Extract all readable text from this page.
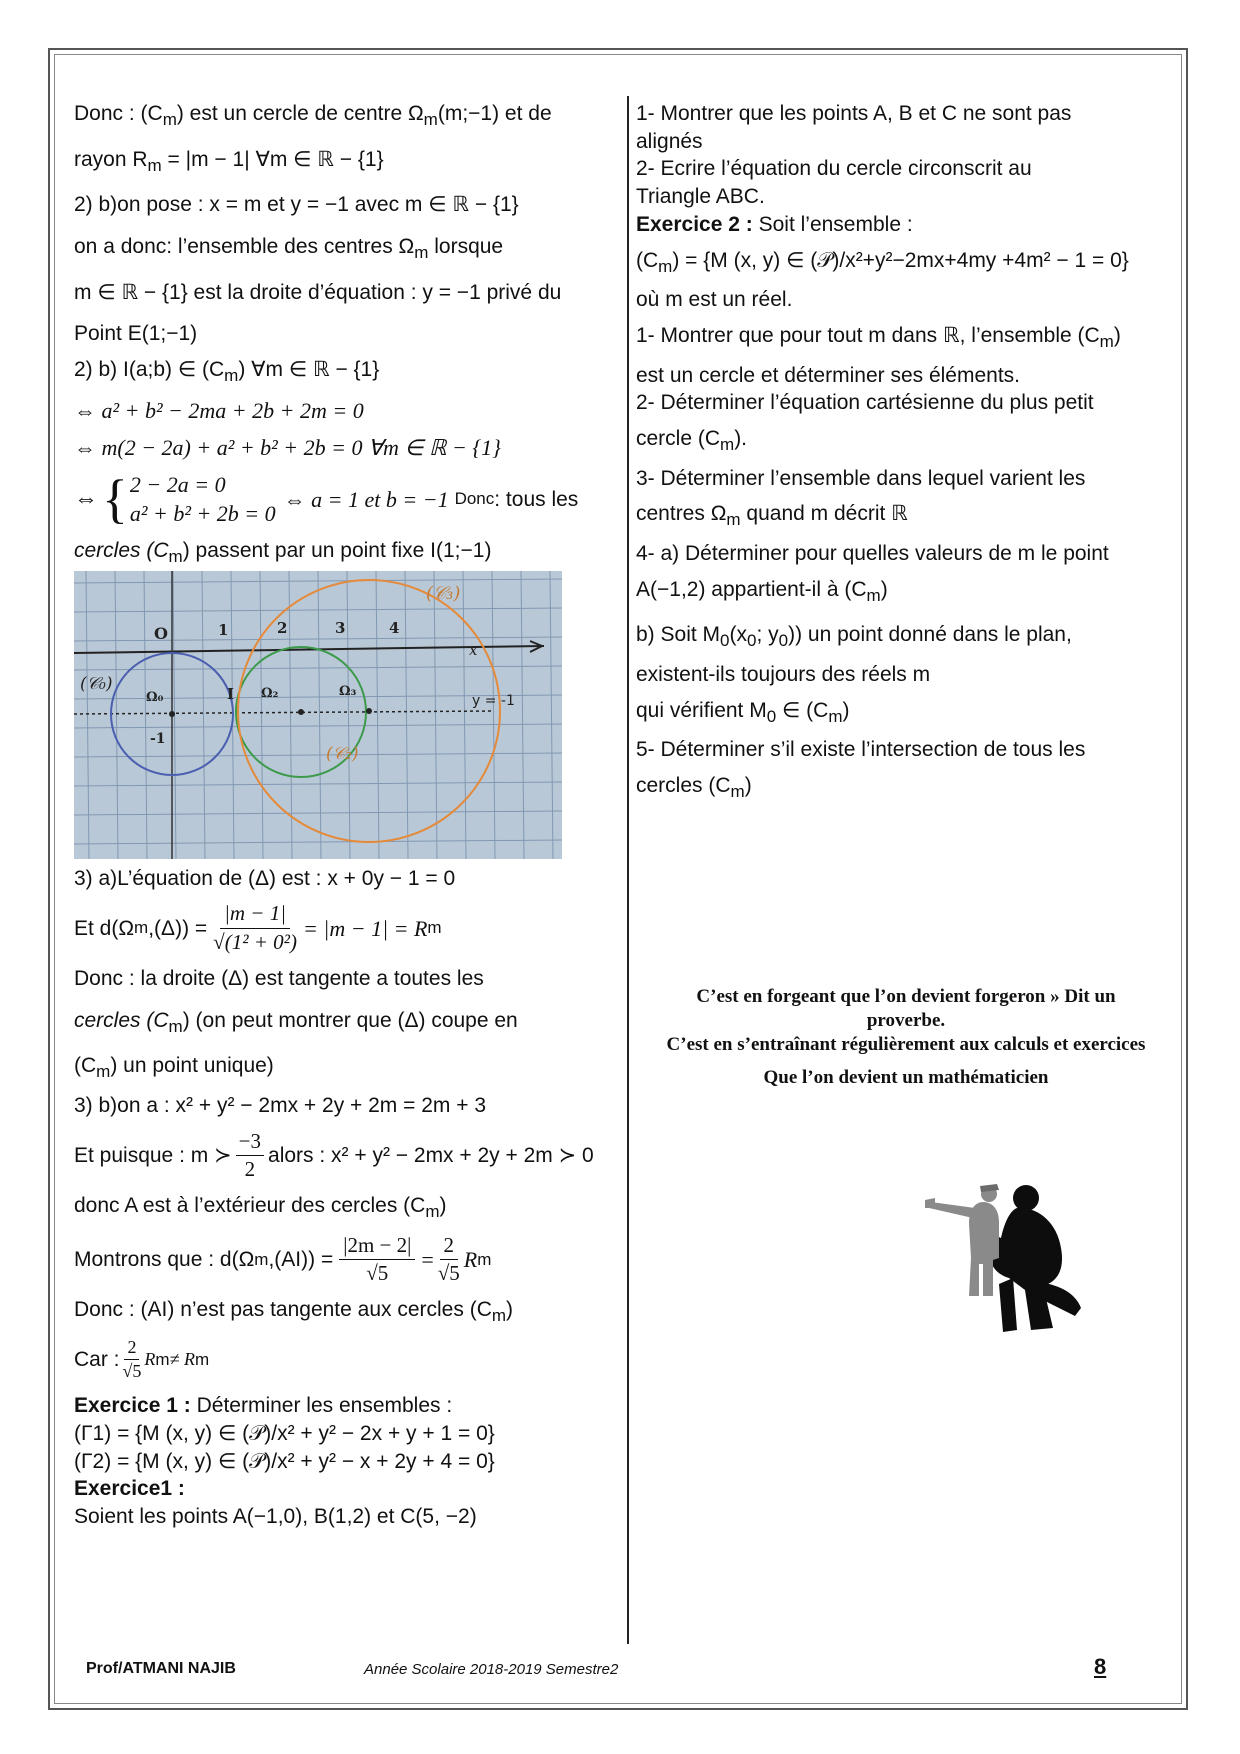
Donc : $(C_m)$ est un cercle de centre $\Omega_m(m;-1)$ et de
rayon $R_m = |m - 1|$ ∀m ∈ ℝ − {1}
2) b)on pose : x = m et y = −1 avec m ∈ ℝ − {1}
on a donc: l’ensemble des centres $\Omega_m$ lorsque
m ∈ ℝ − {1} est la droite d’équation : y = −1 privé du
Point E(1;−1)
2) b) I(a;b) ∈ $(C_m)$ ∀m ∈ ℝ − {1}
⇔ a² + b² − 2ma + 2b + 2m = 0
⇔ m(2 − 2a) + a² + b² + 2b = 0 ∀m ∈ ℝ − {1}
⇔ { 2 − 2a = 0
a² + b² + 2b = 0
⇔ a = 1 et b = −1 Donc : tous les
cercles $(C_m)$ passent par un point fixe I(1;−1)
(𝒞₃)
(𝒞₀)
(𝒞₂)
O	1	2	3	4
x
Ω₀
-1
I Ω₂	Ω₃
y = -1
3) a)L’équation de (Δ) est : x + 0y − 1 = 0
Et d(Ω m $,(\Delta)) = \frac{|m - 1|}{\text{√(1² + 0²)}} = |m - 1| = R$ m
Donc : la droite (Δ) est tangente a toutes les
cercles $(C_m)$ (on peut montrer que (Δ) coupe en
$(C_m)$ un point unique)
3) b)on a : x² + y² − 2mx + 2y + 2m = 2m + 3
Et puisque : m ≻
−3
2
alors : x² + y² − 2mx + 2y + 2m ≻ 0
donc A est à l’extérieur des cercles $(C_m)$
Montrons que : d(Ω m $,(AI)) = \frac{|2m - 2|}{√5} = \frac{2}{√5}$ R m
Donc : (AI) n’est pas tangente aux cercles $(C_m)$
Car :
2
√5
R m ≠ R m
Exercice 1 : Déterminer les ensembles :
(Γ1) = {M (x, y) ∈ (𝒫)/x² + y² − 2x + y + 1 = 0}
(Γ2) = {M (x, y) ∈ (𝒫)/x² + y² − x + 2y + 4 = 0}
Exercice1 :
Soient les points A(−1,0), B(1,2) et C(5, −2)
1- Montrer que les points A, B et C ne sont pas
alignés
2- Ecrire l’équation du cercle circonscrit au
Triangle ABC.
Exercice 2 : Soit l’ensemble :
$(C_m) = \{M$ (x, y) ∈ (𝒫)/x²+y²−2mx+4my +4m² − 1 = 0}
où m est un réel.
1- Montrer que pour tout m dans ℝ, l’ensemble $(C_m)$
est un cercle et déterminer ses éléments.
2- Déterminer l’équation cartésienne du plus petit
cercle $(C_m)$.
3- Déterminer l’ensemble dans lequel varient les
centres $\Omega_m$ quand m décrit ℝ
4- a) Déterminer pour quelles valeurs de m le point
A(−1,2) appartient-il à $(C_m)$
b) Soit $M_0(x_0$; $y_0$)) un point donné dans le plan,
existent-ils toujours des réels m
qui vérifient $M_0$ ∈ $(C_m)$
5- Déterminer s’il existe l’intersection de tous les
cercles $(C_m)$
C’est en forgeant que l’on devient forgeron » Dit un
proverbe.
C’est en s’entraînant régulièrement aux calculs et exercices
Que l’on devient un mathématicien
Prof/ATMANI NAJIB	Année Scolaire 2018-2019 Semestre2	8
